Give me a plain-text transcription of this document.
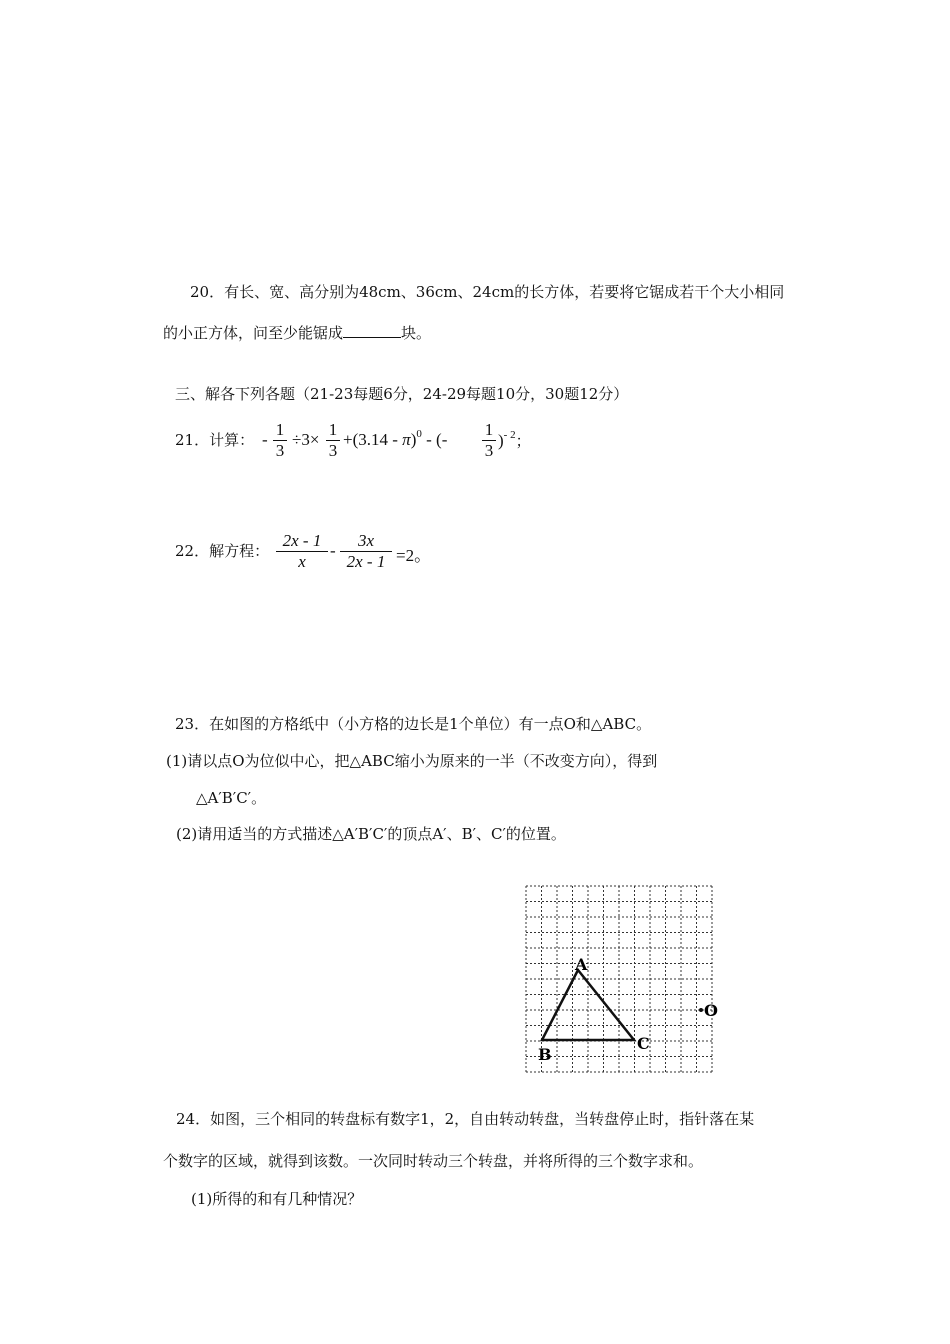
20．有长、宽、高分别为48cm、36cm、24cm的长方体，若要将它锯成若干个大小相同
的小正方体，问至少能锯成	块。
三、解各下列各题（21-23每题6分，24-29每题10分，30题12分）
21．计算： - $\frac{1}{3} \div 3\times \frac{1}{3} +(3.14 - \pi)^0$ - (- $\frac{1}{3} )^{- 2}$；
22．解方程： $\frac{2x - 1}{x} - \frac{3x}{2x - 1} =2$。
23．在如图的方格纸中（小方格的边长是1个单位）有一点O和△ABC。
(1)请以点O为位似中心，把△ABC缩小为原来的一半（不改变方向），得到
△A′B′C′。
(2)请用适当的方式描述△A′B′C′的顶点A′、B′、C′的位置。
A
B
C
O
24．如图，三个相同的转盘标有数字1，2，自由转动转盘，当转盘停止时，指针落在某
个数字的区域，就得到该数。一次同时转动三个转盘，并将所得的三个数字求和。
(1)所得的和有几种情况？
